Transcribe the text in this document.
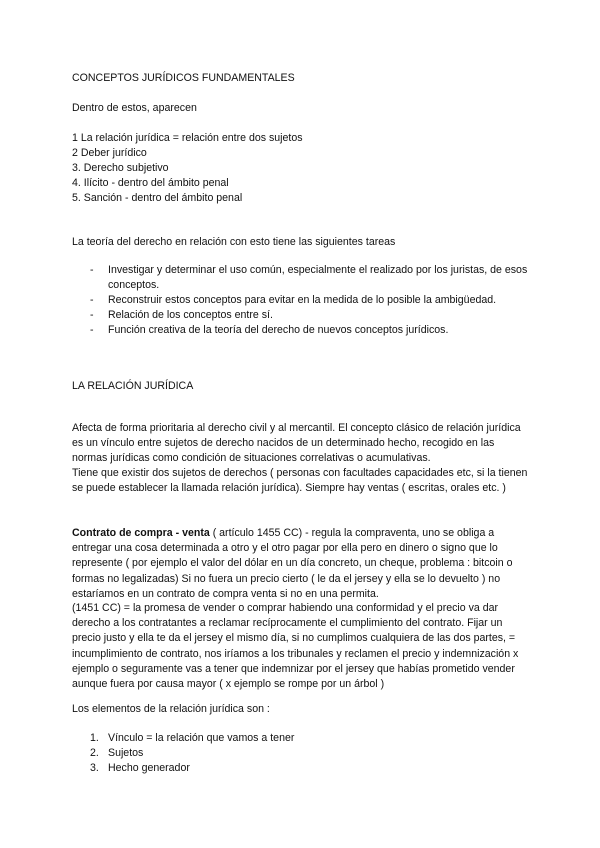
CONCEPTOS JURÍDICOS FUNDAMENTALES
Dentro de estos, aparecen
1 La relación jurídica = relación entre dos sujetos
2 Deber jurídico
3. Derecho subjetivo
4. Ilícito - dentro del ámbito penal
5. Sanción - dentro del ámbito penal
La teoría del derecho en relación con esto tiene las siguientes tareas
- Investigar y determinar el uso común, especialmente el realizado por los juristas, de esos conceptos.
- Reconstruir estos conceptos para evitar en la medida de lo posible la ambigüedad.
- Relación de los conceptos entre sí.
- Función creativa de la teoría del derecho de nuevos conceptos jurídicos.
LA RELACIÓN JURÍDICA
Afecta de forma prioritaria al derecho civil y al mercantil. El concepto clásico de relación jurídica es un vínculo entre sujetos de derecho nacidos de un determinado hecho, recogido en las normas jurídicas como condición de situaciones correlativas o acumulativas.
Tiene que existir dos sujetos de derechos ( personas con facultades capacidades etc, si la tienen se puede establecer la llamada relación jurídica). Siempre hay ventas ( escritas, orales etc. )
Contrato de compra - venta ( artículo 1455 CC) - regula la compraventa, uno se obliga a entregar una cosa determinada a otro y el otro pagar por ella pero en dinero o signo que lo represente ( por ejemplo el valor del dólar en un día concreto, un cheque, problema : bitcoin o formas no legalizadas) Si no fuera un precio cierto ( le da el jersey y ella se lo devuelto ) no estaríamos en un contrato de compra venta si no en una permita.
(1451 CC) = la promesa de vender o comprar habiendo una conformidad y el precio va dar derecho a los contratantes a reclamar recíprocamente el cumplimiento del contrato. Fijar un precio justo y ella te da el jersey el mismo día, si no cumplimos cualquiera de las dos partes, = incumplimiento de contrato, nos iríamos a los tribunales y reclamen el precio y indemnización x ejemplo o seguramente vas a tener que indemnizar por el jersey que habías prometido vender aunque fuera por causa mayor ( x ejemplo se rompe por un árbol )
Los elementos de la relación jurídica son :
1. Vínculo = la relación que vamos a tener
2. Sujetos
3. Hecho generador
